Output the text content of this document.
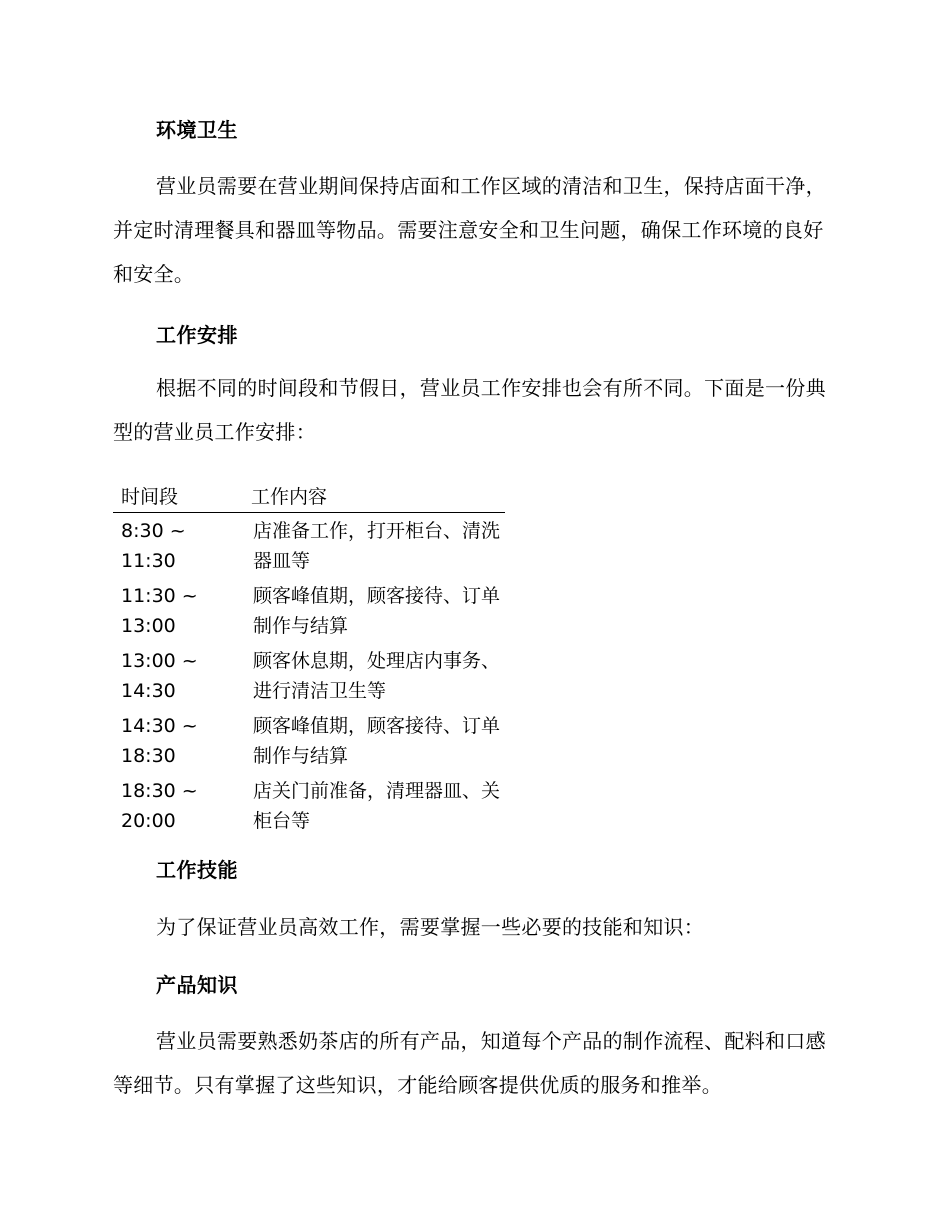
环境卫生

营业员需要在营业期间保持店面和工作区域的清洁和卫生，保持店面干净，并定时清理餐具和器皿等物品。需要注意安全和卫生问题，确保工作环境的良好和安全。

工作安排

根据不同的时间段和节假日，营业员工作安排也会有所不同。下面是一份典型的营业员工作安排：

时间段	工作内容
8:30 ~ 11:30	店准备工作，打开柜台、清洗器皿等
11:30 ~ 13:00	顾客峰值期，顾客接待、订单制作与结算
13:00 ~ 14:30	顾客休息期，处理店内事务、进行清洁卫生等
14:30 ~ 18:30	顾客峰值期，顾客接待、订单制作与结算
18:30 ~ 20:00	店关门前准备，清理器皿、关柜台等
工作技能

为了保证营业员高效工作，需要掌握一些必要的技能和知识：

产品知识

营业员需要熟悉奶茶店的所有产品，知道每个产品的制作流程、配料和口感等细节。只有掌握了这些知识，才能给顾客提供优质的服务和推举。
